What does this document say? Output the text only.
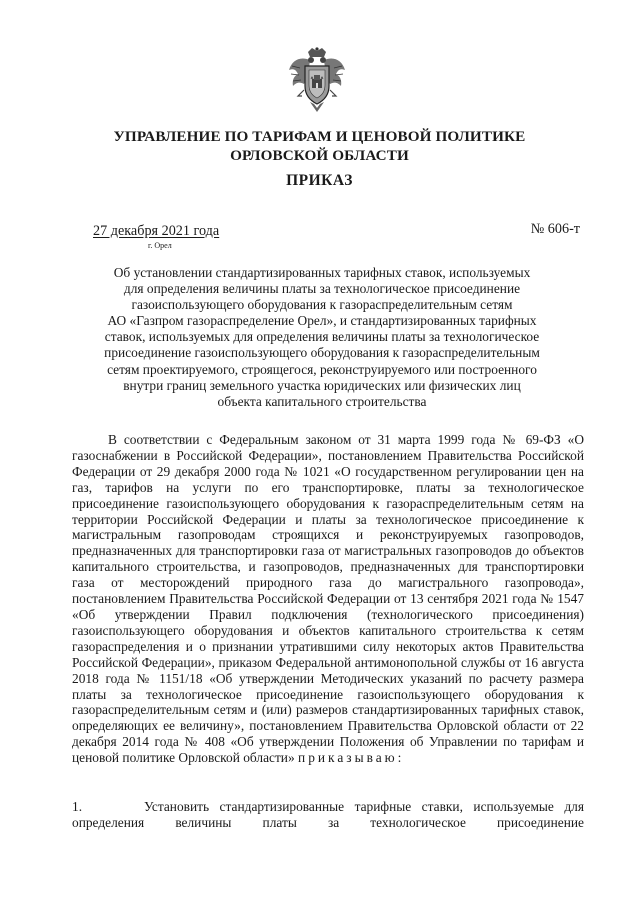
УПРАВЛЕНИЕ ПО ТАРИФАМ И ЦЕНОВОЙ ПОЛИТИКЕ
ОРЛОВСКОЙ ОБЛАСТИ
ПРИКАЗ
27 декабря 2021 года
г. Орел
№ 606-т
Об установлении стандартизированных тарифных ставок, используемых
для определения величины платы за технологическое присоединение
газоиспользующего оборудования к газораспределительным сетям
АО «Газпром газораспределение Орел», и стандартизированных тарифных
ставок, используемых для определения величины платы за технологическое
присоединение газоиспользующего оборудования к газораспределительным
сетям проектируемого, строящегося, реконструируемого или построенного
внутри границ земельного участка юридических или физических лиц
объекта капитального строительства
В соответствии с Федеральным законом от 31 марта 1999 года № 69-ФЗ «О газоснабжении в Российской Федерации», постановлением Правительства Российской Федерации от 29 декабря 2000 года № 1021 «О государственном регулировании цен на газ, тарифов на услуги по его транспортировке, платы за технологическое присоединение газоиспользующего оборудования к газораспределительным сетям на территории Российской Федерации и платы за технологическое присоединение к магистральным газопроводам строящихся и реконструируемых газопроводов, предназначенных для транспортировки газа от магистральных газопроводов до объектов капитального строительства, и газопроводов, предназначенных для транспортировки газа от месторождений природного газа до магистрального газопровода», постановлением Правительства Российской Федерации от 13 сентября 2021 года № 1547 «Об утверждении Правил подключения (технологического присоединения) газоиспользующего оборудования и объектов капитального строительства к сетям газораспределения и о признании утратившими силу некоторых актов Правительства Российской Федерации», приказом Федеральной антимонопольной службы от 16 августа 2018 года № 1151/18 «Об утверждении Методических указаний по расчету размера платы за технологическое присоединение газоиспользующего оборудования к газораспределительным сетям и (или) размеров стандартизированных тарифных ставок, определяющих ее величину», постановлением Правительства Орловской области от 22 декабря 2014 года № 408 «Об утверждении Положения об Управлении по тарифам и ценовой политике Орловской области» приказываю:
1.	Установить стандартизированные тарифные ставки, используемые для
определения величины платы за технологическое присоединение
